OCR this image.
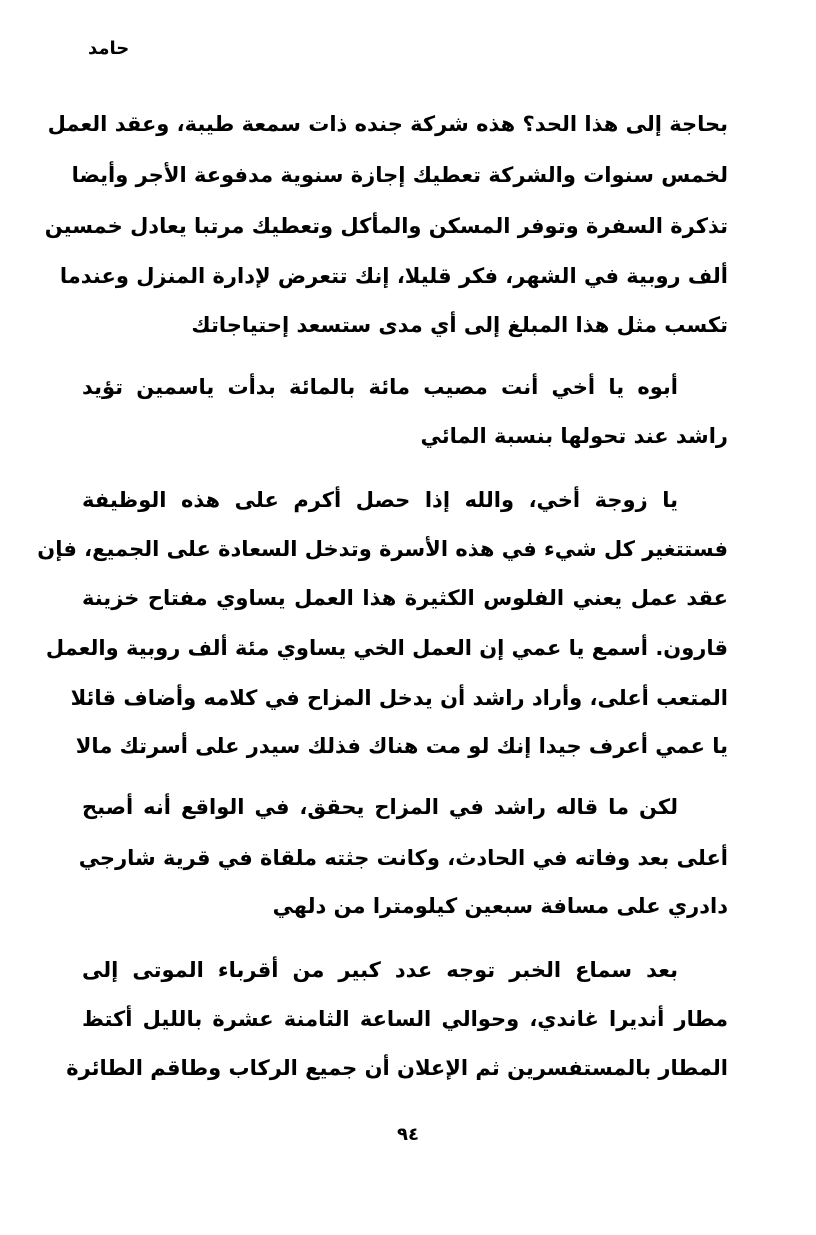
حامد
بحاجة إلى هذا الحد؟ هذه شركة جنده ذات سمعة طيبة، وعقد العمل
لخمس سنوات والشركة تعطيك إجازة سنوية مدفوعة الأجر وأيضا
تذكرة السفرة وتوفر المسكن والمأكل وتعطيك مرتبا يعادل خمسين
ألف روبية في الشهر، فكر قليلا، إنك تتعرض لإدارة المنزل وعندما
تكسب مثل هذا المبلغ إلى أي مدى ستسعد إحتياجاتك
أبوه يا أخي أنت مصيب مائة بالمائة بدأت ياسمين تؤيد
راشد عند تحولها بنسبة المائي
يا زوجة أخي، والله إذا حصل أكرم على هذه الوظيفة
فستتغير كل شيء في هذه الأسرة وتدخل السعادة على الجميع، فإن
عقد عمل يعني الفلوس الكثيرة هذا العمل يساوي مفتاح خزينة
قارون. أسمع يا عمي إن العمل الخي يساوي مئة ألف روبية والعمل
المتعب أعلى، وأراد راشد أن يدخل المزاح في كلامه وأضاف قائلا
يا عمي أعرف جيدا إنك لو مت هناك فذلك سيدر على أسرتك مالا
لكن ما قاله راشد في المزاح يحقق، في الواقع أنه أصبح
أعلى بعد وفاته في الحادث، وكانت جثته ملقاة في قرية شارجي
دادري على مسافة سبعين كيلومترا من دلهي
بعد سماع الخبر توجه عدد كبير من أقرباء الموتى إلى
مطار أنديرا غاندي، وحوالي الساعة الثامنة عشرة بالليل أكتظ
المطار بالمستفسرين ثم الإعلان أن جميع الركاب وطاقم الطائرة
٩٤
